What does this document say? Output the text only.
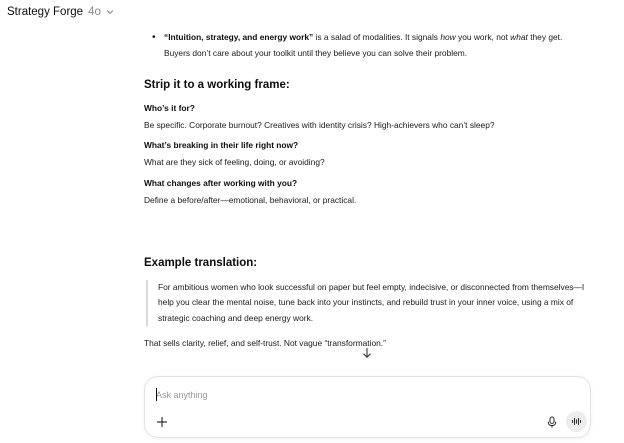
Strategy Forge 4o
•	“Intuition, strategy, and energy work” is a salad of modalities. It signals how you work, not what they get. Buyers don’t care about your toolkit until they believe you can solve their problem.
Strip it to a working frame:
Who’s it for?
Be specific. Corporate burnout? Creatives with identity crisis? High-achievers who can’t sleep?
What’s breaking in their life right now?
What are they sick of feeling, doing, or avoiding?
What changes after working with you?
Define a before/after—emotional, behavioral, or practical.
Example translation:
For ambitious women who look successful on paper but feel empty, indecisive, or disconnected from themselves—I help you clear the mental noise, tune back into your instincts, and rebuild trust in your inner voice, using a mix of strategic coaching and deep energy work.
That sells clarity, relief, and self-trust. Not vague “transformation.”
Ask anything
